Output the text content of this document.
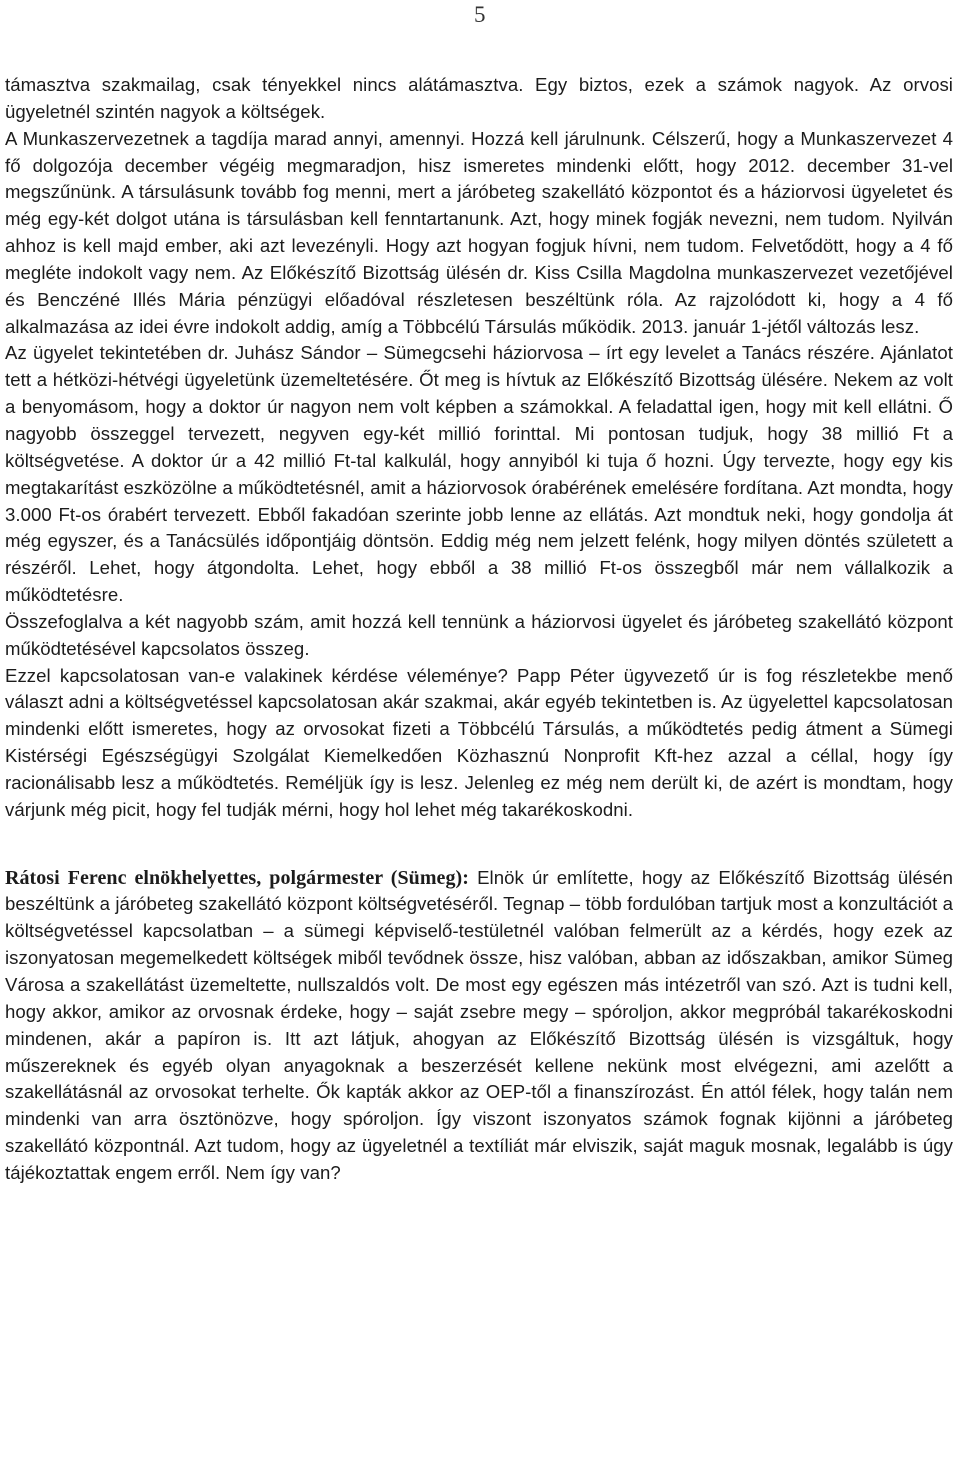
5

támasztva szakmailag, csak tényekkel nincs alátámasztva. Egy biztos, ezek a számok nagyok. Az orvosi ügyeletnél szintén nagyok a költségek.

A Munkaszervezetnek a tagdíja marad annyi, amennyi. Hozzá kell járulnunk. Célszerű, hogy a Munkaszervezet 4 fő dolgozója december végéig megmaradjon, hisz ismeretes mindenki előtt, hogy 2012. december 31-vel megszűnünk. A társulásunk tovább fog menni, mert a járóbeteg szakellátó központot és a háziorvosi ügyeletet és még egy-két dolgot utána is társulásban kell fenntartanunk. Azt, hogy minek fogják nevezni, nem tudom. Nyilván ahhoz is kell majd ember, aki azt levezényli. Hogy azt hogyan fogjuk hívni, nem tudom. Felvetődött, hogy a 4 fő megléte indokolt vagy nem. Az Előkészítő Bizottság ülésén dr. Kiss Csilla Magdolna munkaszervezet vezetőjével és Benczéné Illés Mária pénzügyi előadóval részletesen beszéltünk róla. Az rajzolódott ki, hogy a 4 fő alkalmazása az idei évre indokolt addig, amíg a Többcélú Társulás működik. 2013. január 1-jétől változás lesz.

Az ügyelet tekintetében dr. Juhász Sándor – Sümegcsehi háziorvosa – írt egy levelet a Tanács részére. Ajánlatot tett a hétközi-hétvégi ügyeletünk üzemeltetésére. Őt meg is hívtuk az Előkészítő Bizottság ülésére. Nekem az volt a benyomásom, hogy a doktor úr nagyon nem volt képben a számokkal. A feladattal igen, hogy mit kell ellátni. Ő nagyobb összeggel tervezett, negyven egy-két millió forinttal. Mi pontosan tudjuk, hogy 38 millió Ft a költségvetése. A doktor úr a 42 millió Ft-tal kalkulál, hogy annyiból ki tuja ő hozni. Úgy tervezte, hogy egy kis megtakarítást eszközölne a működtetésnél, amit a háziorvosok órabérének emelésére fordítana. Azt mondta, hogy 3.000 Ft-os órabért tervezett. Ebből fakadóan szerinte jobb lenne az ellátás. Azt mondtuk neki, hogy gondolja át még egyszer, és a Tanácsülés időpontjáig döntsön. Eddig még nem jelzett felénk, hogy milyen döntés született a részéről. Lehet, hogy átgondolta. Lehet, hogy ebből a 38 millió Ft-os összegből már nem vállalkozik a működtetésre.

Összefoglalva a két nagyobb szám, amit hozzá kell tennünk a háziorvosi ügyelet és járóbeteg szakellátó központ működtetésével kapcsolatos összeg.

Ezzel kapcsolatosan van-e valakinek kérdése véleménye? Papp Péter ügyvezető úr is fog részletekbe menő választ adni a költségvetéssel kapcsolatosan akár szakmai, akár egyéb tekintetben is. Az ügyelettel kapcsolatosan mindenki előtt ismeretes, hogy az orvosokat fizeti a Többcélú Társulás, a működtetés pedig átment a Sümegi Kistérségi Egészségügyi Szolgálat Kiemelkedően Közhasznú Nonprofit Kft-hez azzal a céllal, hogy így racionálisabb lesz a működtetés. Reméljük így is lesz. Jelenleg ez még nem derült ki, de azért is mondtam, hogy várjunk még picit, hogy fel tudják mérni, hogy hol lehet még takarékoskodni.

Rátosi Ferenc elnökhelyettes, polgármester (Sümeg): Elnök úr említette, hogy az Előkészítő Bizottság ülésén beszéltünk a járóbeteg szakellátó központ költségvetéséről. Tegnap – több fordulóban tartjuk most a konzultációt a költségvetéssel kapcsolatban – a sümegi képviselő-testületnél valóban felmerült az a kérdés, hogy ezek az iszonyatosan megemelkedett költségek miből tevődnek össze, hisz valóban, abban az időszakban, amikor Sümeg Városa a szakellátást üzemeltette, nullszaldós volt. De most egy egészen más intézetről van szó. Azt is tudni kell, hogy akkor, amikor az orvosnak érdeke, hogy – saját zsebre megy – spóroljon, akkor megpróbál takarékoskodni mindenen, akár a papíron is. Itt azt látjuk, ahogyan az Előkészítő Bizottság ülésén is vizsgáltuk, hogy műszereknek és egyéb olyan anyagoknak a beszerzését kellene nekünk most elvégezni, ami azelőtt a szakellátásnál az orvosokat terhelte. Ők kapták akkor az OEP-től a finanszírozást. Én attól félek, hogy talán nem mindenki van arra ösztönözve, hogy spóroljon. Így viszont iszonyatos számok fognak kijönni a járóbeteg szakellátó központnál. Azt tudom, hogy az ügyeletnél a textíliát már elviszik, saját maguk mosnak, legalább is úgy tájékoztattak engem erről. Nem így van?
